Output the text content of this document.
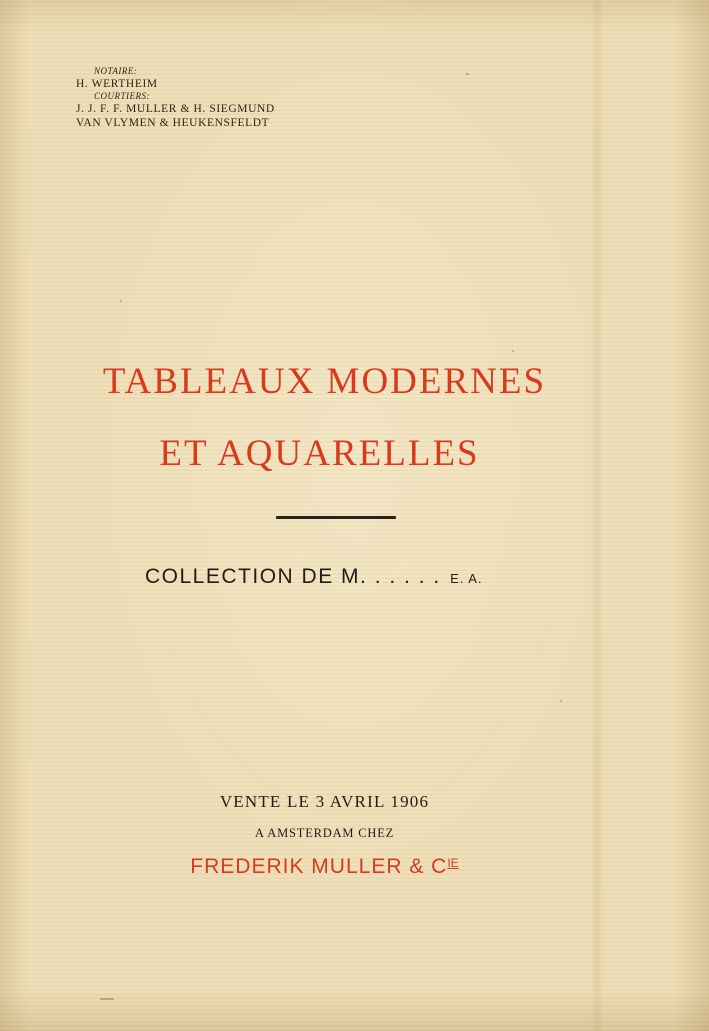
NOTAIRE:
H. WERTHEIM
COURTIERS:
J. J. F. F. MULLER & H. SIEGMUND
VAN VLYMEN & HEUKENSFELDT
TABLEAUX MODERNES
ET AQUARELLES
COLLECTION DE M. . . . . . E. A.
VENTE LE 3 AVRIL 1906
A AMSTERDAM CHEZ
FREDERIK MULLER & $C^{IE}$
